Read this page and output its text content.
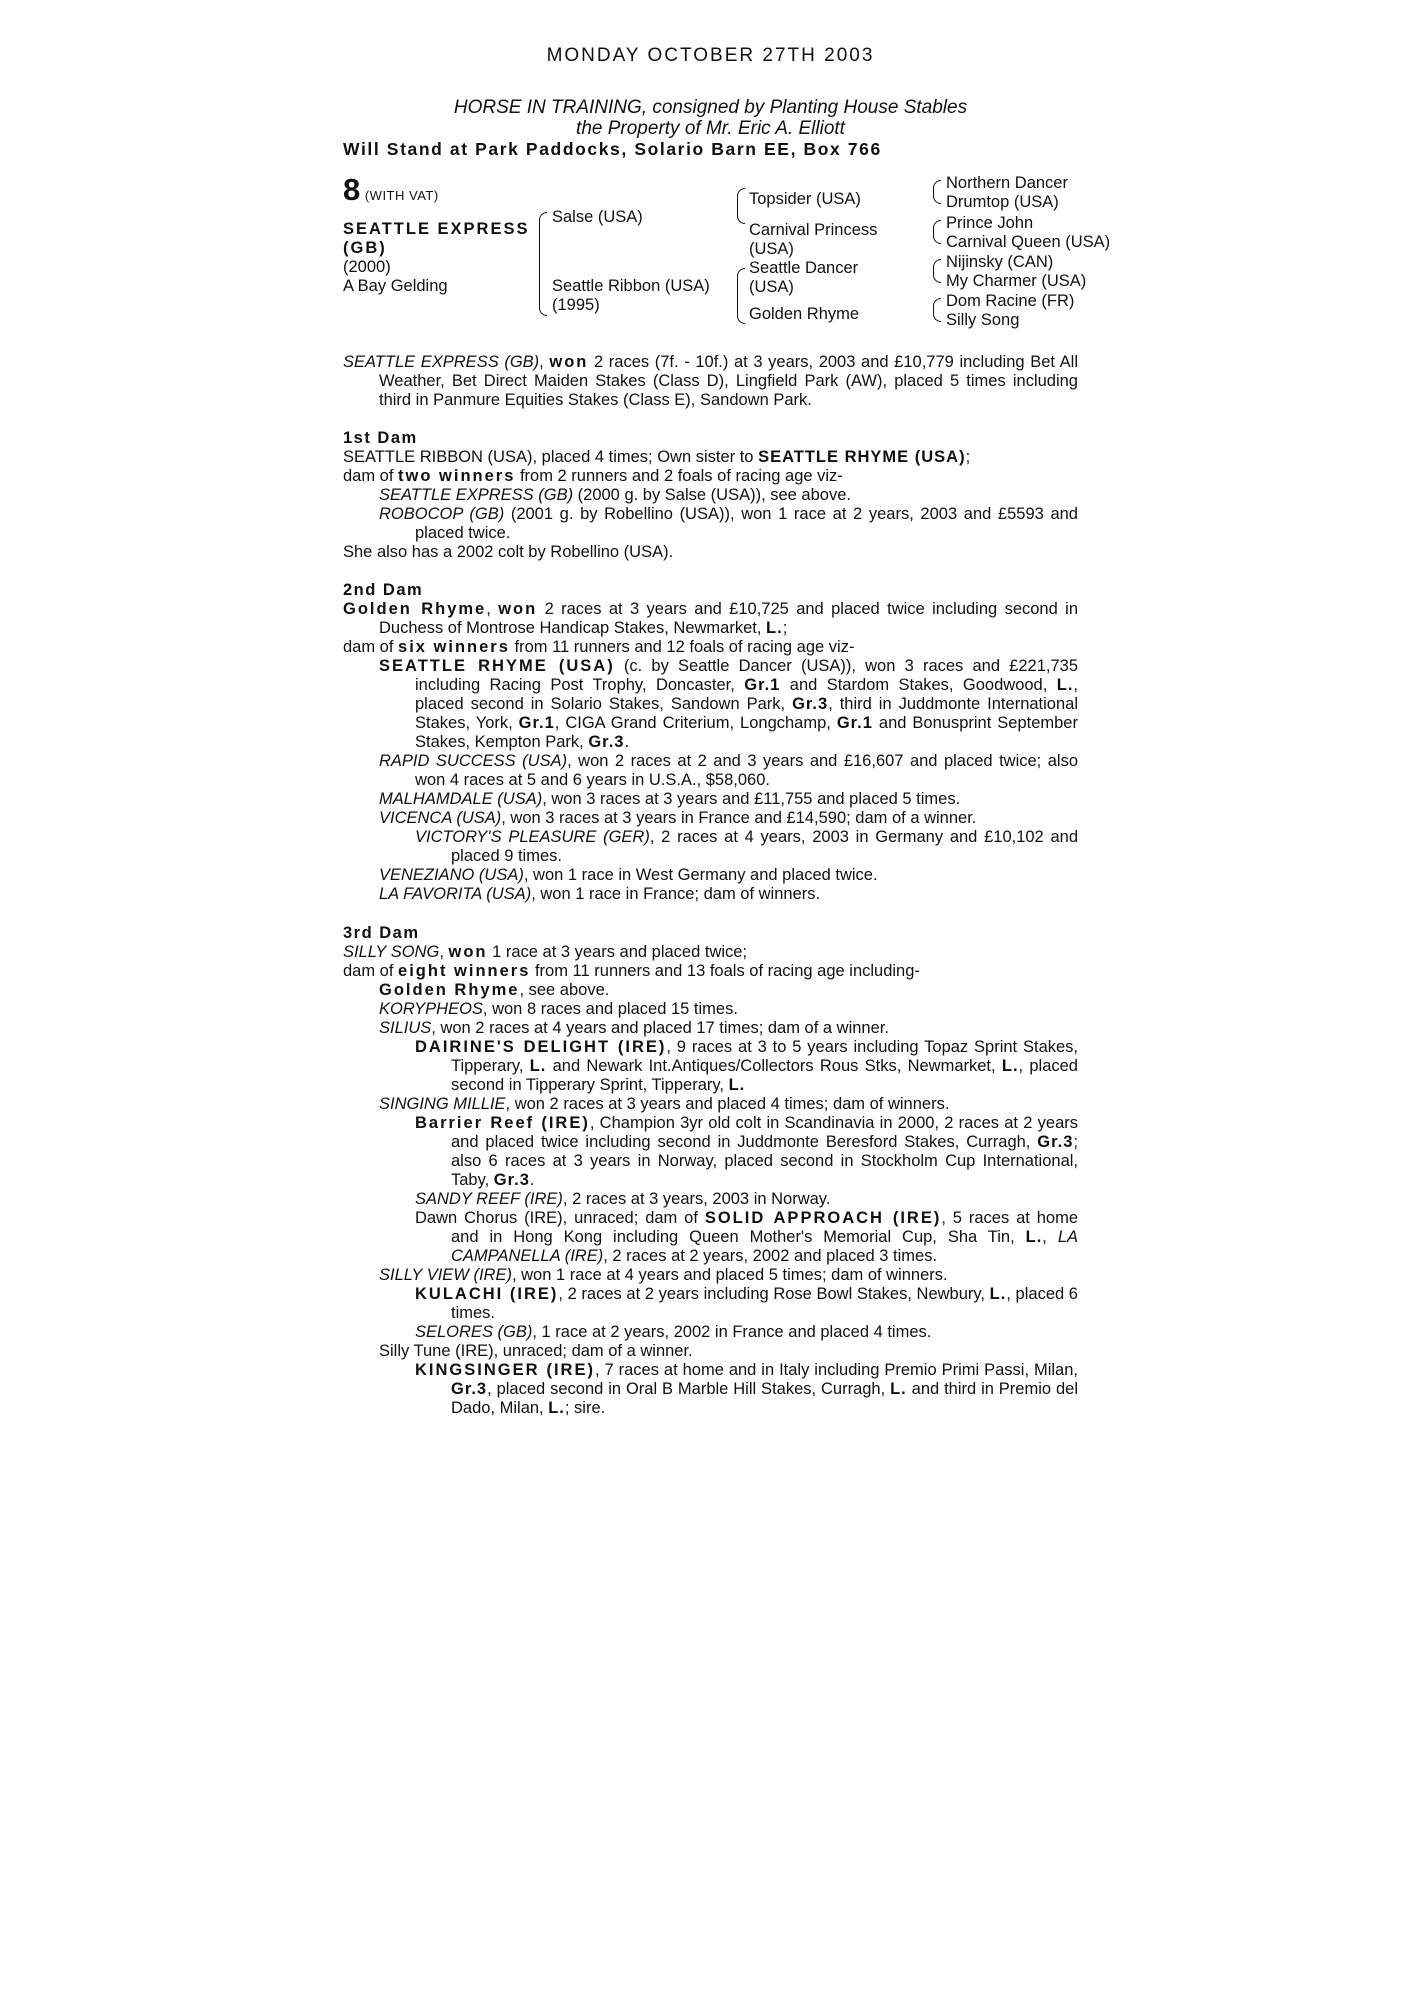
MONDAY OCTOBER 27TH 2003
HORSE IN TRAINING, consigned by Planting House Stables
the Property of Mr. Eric A. Elliott
Will Stand at Park Paddocks, Solario Barn EE, Box 766
8 (WITH VAT)
SEATTLE EXPRESS
(GB)
(2000)
A Bay Gelding
Salse (USA)
Seattle Ribbon (USA)
(1995)
Topsider (USA)
Carnival Princess
(USA)
Seattle Dancer
(USA)
Golden Rhyme
Northern Dancer
Drumtop (USA)
Prince John
Carnival Queen (USA)
Nijinsky (CAN)
My Charmer (USA)
Dom Racine (FR)
Silly Song

SEATTLE EXPRESS (GB), won 2 races (7f. - 10f.) at 3 years, 2003 and £10,779 including Bet All Weather, Bet Direct Maiden Stakes (Class D), Lingfield Park (AW), placed 5 times including third in Panmure Equities Stakes (Class E), Sandown Park.

1st Dam

SEATTLE RIBBON (USA), placed 4 times; Own sister to SEATTLE RHYME (USA);

dam of two winners from 2 runners and 2 foals of racing age viz-

SEATTLE EXPRESS (GB) (2000 g. by Salse (USA)), see above.

ROBOCOP (GB) (2001 g. by Robellino (USA)), won 1 race at 2 years, 2003 and £5593 and placed twice.

She also has a 2002 colt by Robellino (USA).

2nd Dam

Golden Rhyme, won 2 races at 3 years and £10,725 and placed twice including second in Duchess of Montrose Handicap Stakes, Newmarket, L.;

dam of six winners from 11 runners and 12 foals of racing age viz-

SEATTLE RHYME (USA) (c. by Seattle Dancer (USA)), won 3 races and £221,735 including Racing Post Trophy, Doncaster, Gr.1 and Stardom Stakes, Goodwood, L., placed second in Solario Stakes, Sandown Park, Gr.3, third in Juddmonte International Stakes, York, Gr.1, CIGA Grand Criterium, Longchamp, Gr.1 and Bonusprint September Stakes, Kempton Park, Gr.3.

RAPID SUCCESS (USA), won 2 races at 2 and 3 years and £16,607 and placed twice; also won 4 races at 5 and 6 years in U.S.A., $58,060.

MALHAMDALE (USA), won 3 races at 3 years and £11,755 and placed 5 times.

VICENCA (USA), won 3 races at 3 years in France and £14,590; dam of a winner.

VICTORY'S PLEASURE (GER), 2 races at 4 years, 2003 in Germany and £10,102 and placed 9 times.

VENEZIANO (USA), won 1 race in West Germany and placed twice.

LA FAVORITA (USA), won 1 race in France; dam of winners.

3rd Dam

SILLY SONG, won 1 race at 3 years and placed twice;

dam of eight winners from 11 runners and 13 foals of racing age including-

Golden Rhyme, see above.

KORYPHEOS, won 8 races and placed 15 times.

SILIUS, won 2 races at 4 years and placed 17 times; dam of a winner.

DAIRINE'S DELIGHT (IRE), 9 races at 3 to 5 years including Topaz Sprint Stakes, Tipperary, L. and Newark Int.Antiques/Collectors Rous Stks, Newmarket, L., placed second in Tipperary Sprint, Tipperary, L.

SINGING MILLIE, won 2 races at 3 years and placed 4 times; dam of winners.

Barrier Reef (IRE), Champion 3yr old colt in Scandinavia in 2000, 2 races at 2 years and placed twice including second in Juddmonte Beresford Stakes, Curragh, Gr.3; also 6 races at 3 years in Norway, placed second in Stockholm Cup International, Taby, Gr.3.

SANDY REEF (IRE), 2 races at 3 years, 2003 in Norway.

Dawn Chorus (IRE), unraced; dam of SOLID APPROACH (IRE), 5 races at home and in Hong Kong including Queen Mother's Memorial Cup, Sha Tin, L., LA CAMPANELLA (IRE), 2 races at 2 years, 2002 and placed 3 times.

SILLY VIEW (IRE), won 1 race at 4 years and placed 5 times; dam of winners.

KULACHI (IRE), 2 races at 2 years including Rose Bowl Stakes, Newbury, L., placed 6 times.

SELORES (GB), 1 race at 2 years, 2002 in France and placed 4 times.

Silly Tune (IRE), unraced; dam of a winner.

KINGSINGER (IRE), 7 races at home and in Italy including Premio Primi Passi, Milan, Gr.3, placed second in Oral B Marble Hill Stakes, Curragh, L. and third in Premio del Dado, Milan, L.; sire.
